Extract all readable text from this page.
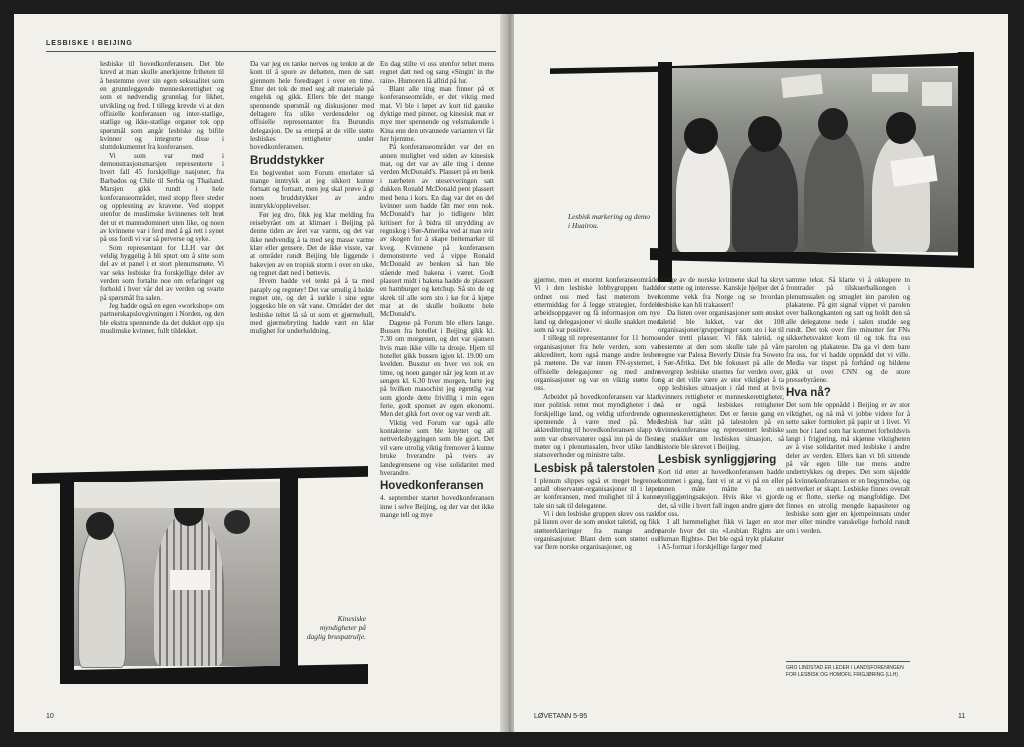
LESBISKE I BEIJING

lesbiske til hovedkonferansen. Det ble krevd at man skulle anerkjenne friheten til å bestemme over sin egen seksualitet som en grunnleggende menneskerettighet og som et nødvendig grunnlag for likhet, utvikling og fred. I tillegg krevde vi at den offisielle konferansen og inter-statlige, statlige og ikke-statlige organer tok opp spørsmål som angår lesbiske og bifile kvinner og integrerte disse i sluttdokumentet fra konferansen.

Vi som var med i demonstrasjonsmarsjen representerte i hvert fall 45 forskjellige nasjoner, fra Barbados og Chile til Serbia og Thailand. Marsjen gikk rundt i hele konferanseområdet, med stopp flere steder og opplesning av kravene. Ved stoppet utenfor de muslimske kvinnenes telt brøt det ut et mannsdominert uten like, og noen av kvinnene var i ferd med å gå rett i synet på oss fordi vi var så perverse og syke.

Som representant for LLH var det veldig hyggelig å bli spurt om å sitte som del av et panel i et stort plenumsmøte. Vi var seks lesbiske fra forskjellige deler av verden som fortalte noe om erfaringer og forhold i hver vår del av verden og svarte på spørsmål fra salen.

Jeg hadde også en egen «workshop» om partnerskapslovgivningen i Norden, og den ble ekstra spennende da det dukket opp sju muslimske kvinner, fullt tildekket.

Da var jeg en tanke nervøs og tenkte at de kom til å sporе av debatten, men de satt gjennom hele foredraget i over en time. Etter det tok de med seg alt materiale på engelsk og gikk. Ellers ble det mange spennende spørsmål og diskusjoner med deltagere fra ulike verdensdeler og offisielle representanter fra Burundis delegasjon. De sa etterpå at de ville støtte lesbiskes rettigheter under hovedkonferansen.

Bruddstykker

En begivenhet som Forum etterlater så mange inntrykk at jeg sikkert kunne fortsatt og fortsatt, men jeg skal prøve å gi noen bruddstykker av andre inntrykk/opplevelser.

Før jeg dro, fikk jeg klar melding fra reisebyrået om at klimaet i Beijing på denne tiden av året var varmt, og det var ikke nødvendig å ta med seg masse varme klær eller gensere. Det de ikke visste, var at områder rundt Beijing ble liggende i bakevjen av en tropisk storm i over en uke, og regnet datt ned i bøttevis.

Hvem hadde vel tenkt på å ta med paraply og regntøy! Det var umulig å holde regnet ute, og det å surkle i sine egne joggesko ble en våt vane. Områdеt der det lesbiske teltet lå så ut som et gjørmehull, med gjørmebryting hadde vært en klar mulighet for underholdning.

En dag stilte vi oss utenfor teltet mens regnet datt ned og sang «Singin' in the rain». Humoren lå alltid på lur.

Blant alle ting man finner på et konferanseområde, er det viktig med mat. Vi ble i løpet av kort tid ganske dyktige med pinner, og kinesisk mat er mye mer spennende og velsmakende i Kina enn den utvannede varianten vi får her hjemme.

På konferanseområdet var det en annen mulighet ved siden av kinesisk mat, og det var av alle ting i denne verden McDonald's. Plassert på en benk i nærheten av uteserveringen satt dukken Ronald McDonald pent plassert med bena i kors. En dag var det en del kvinner som hadde fått mer enn nok. McDonald's har jo tidligere blitt kritisert for å bidra til utrydding av regnskog i Sør-Amerika ved at man svir av skogen for å skape beitemarker til kveg. Kvinnene på konferansen demonstrerte ved å vippe Ronald McDonald av benken så han ble stående med bakena i været. Godt plassert midt i bakena hadde de plassert en hamburger og ketchup. Så sto de og skrek til alle som sto i kø for å kjøpe mat at de skulle boikotte hele McDonald's.

Dagene på Forum ble ellers lange. Bussen fra hotellet i Beijing gikk kl. 7.30 om morgenen, og det var sjansen hvis man ikke ville ta drosje. Hjem til hotellet gikk bussen igjen kl. 19.00 om kvelden. Busstur en hver vei tok en time, og noen ganger når jeg kom ut av sengen kl. 6.30 hver morgen, lurte jeg på hvilken masochist jeg egentlig var som gjorde dette frivillig i min egen ferie, godt sponset av egen økonomi. Men det gikk fort over og var verdt alt.

Viktig ved Forum var også alle kontaktene som ble knyttet og all nettverksbyggingen som ble gjort. Det vil være utrolig viktig fremover å kunne bruke hverandre på tvers av landegrensene og vise solidaritet med hverandre.

Hovedkonferansen

4. september startet hovedkonferansen inne i selve Beijing, og der var det ikke mange tell og mye

Kinesiske myndigheter på daglig bruspatrulje.
10
Lesbisk markering og demo i Huairou.

gjørme, men et enormt konferanseområde. Vi i den lesbiske lobbygruppen hadde ordnet oss med fast møterom hver ettermiddag for å legge strategier, fordele arbeidsoppgaver og få informasjon om nye land og delegasjoner vi skulle snakket med som nå var positive.

I tillegg til representanter for 11 homo-organisasjoner fra hele verden, som var akkreditert, kom også mange andre lesber på møtene. De var innen FN-systemet, i offisielle delegasjoner og med andre organisasjoner og var en viktig støtte for oss.

Arbeidet på hovedkonferansen var klart mer politisk rettet mot myndigheter i de forskjellige land, og veldig utfordrende og spennende å være med på. Med akkreditering til hovedkonferansen slapp vi som var observatører også inn på de fleste møter og i plenumssalen, hvor ulike lands statsoverhoder og ministre talte.

Lesbisk på talerstolen

I plenum slippes også et meget begrenset antall observatør-organisasjoner til i løpet av konferansen, med mulighet til å kunne tale sin sak til delegatene.

Vi i den lesbiske gruppen skrev oss raskt på listen over de som ønsket taletid, og fikk støtteerklæringer fra mange andre organisasjoner. Blant dem som støttet oss var flere norske organisasjoner, og

mange av de norske kvinnene skal ha skryt for støtte og interesse. Kanskje hjelper det å komme vekk fra Norge og se hvordan lesbiske kan bli trakassert!

Da listen over organisasjoner som ønsket taletid ble lukket, var det 108 organisasjoner/grupperinger som sto i kø til under tretti plasser. Vi fikk taletid, og bestemte at den som skulle tale på våre vegne var Palesa Beverly Ditsie fra Soweto i Sør-Afrika. Det ble fokusert på alle de overgrep lesbiske utsettes for verden over, og at det ville være av stor viktighet å ta opp lesbiskes situasjon i råd med at hvis kvinners rettigheter er menneskerettigheter, så er også lesbiskes rettigheter menneskerettigheter. Det er første gang en lesbisk har stått på talestolen på en kvinnekonferanse og representert lesbiske og snakket om lesbiskes situasjon, så historie ble skrevet i Beijing.

Lesbisk synliggjøring

Kort tid etter at hovedkonferansen hadde kommet i gang, fant vi ut at vi på en eller annen måte måtte ha en synliggjøringsaksjon. Hvis ikke vi gjorde det, så ville i hvert fall ingen andre gjøre det for oss.

I all hemmelighet fikk vi laget en stor parole hvor det sto «Lesbian Rights are Human Rights». Det ble også trykt plakater i A5-format i forskjellige farger med

samme tekst. Så klarte vi å okkupere to frontrader på tilskuerbalkongen i plenumssalen og smuglet inn parolen og plakatene. På gitt signal vippet vi parolen over balkongkanten og satt og holdt den så alle delegatene nede i salen studde seg rundt. Det tok over fire minutter før FNs sikkerhetsvakter kom til og tok fra oss parolen og plakatene. Da ga vi dem bare fra oss, for vi hadde oppnådd det vi ville. Media var tispet på forhånd og bildene gikk ut over CNN og de store pressebyråene.

Hva nå?

Det som ble oppnådd i Beijing er av stor viktighet, og nå må vi jobbe videre for å sette saker formulert på papir ut i livet. Vi som bor i land som har kommet forholdsvis langt i frigjøring, må skjønne viktigheten av å vise solidaritet med lesbiske i andre deler av verden. Ellers kan vi bli sittende på vår egen lille tue mens andre undertrykkes og drepes. Det som skjedde på kvinnekonferansen er en begynnelse, og nettverket er skapt. Lesbiske finnes overalt og er flotte, sterke og mangfoldige. Det finnes en utrolig mengde kapasiteter og lesbiske som gjør en kjempeinnsats under mer eller mindre vanskelige forhold rundt om i verden.

GRO LINDSTAD ER LEDER I LANDSFORENINGEN FOR LESBISK OG HOMOFIL FRIGJØRING (LLH)
LØVETANN 5-95	11
